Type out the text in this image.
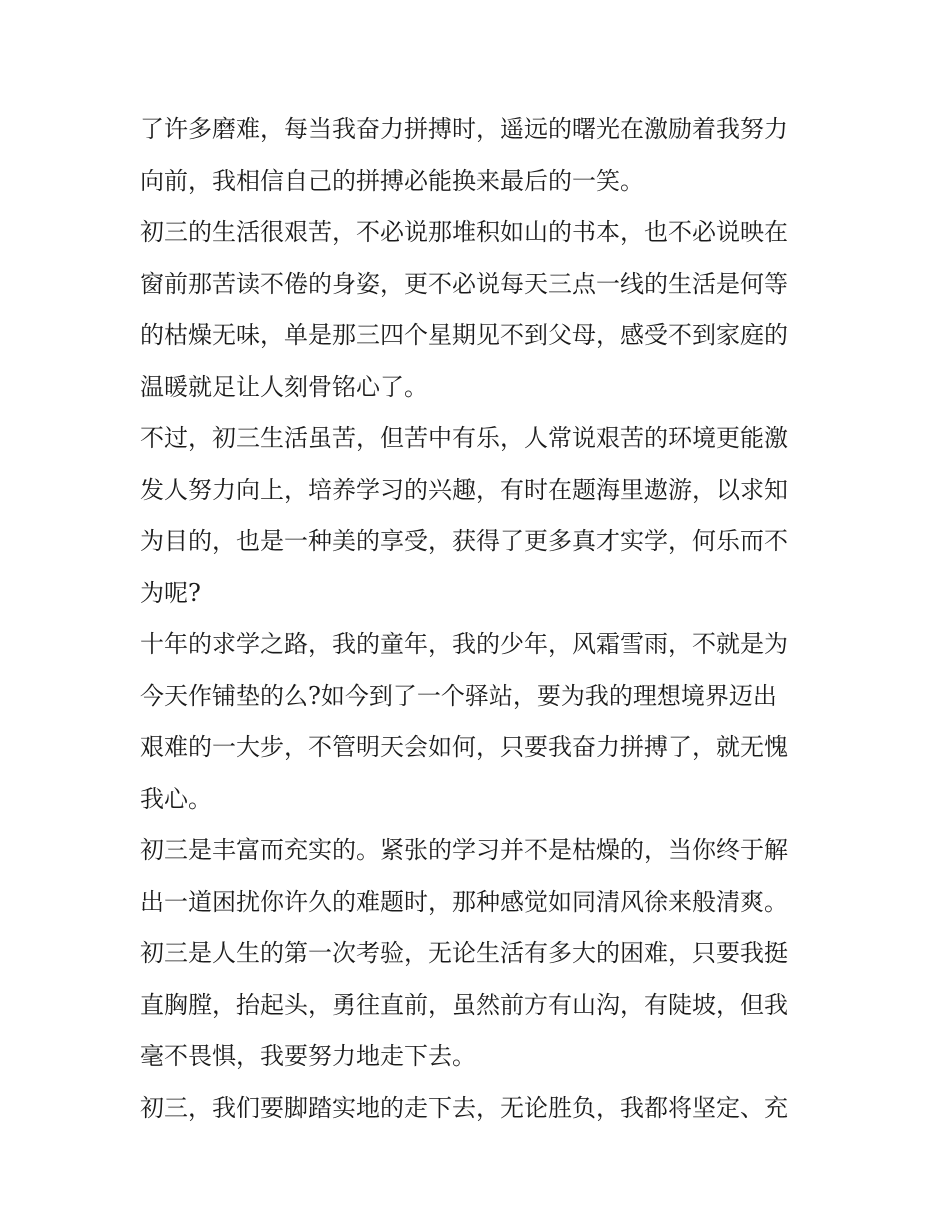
了许多磨难，每当我奋力拼搏时，遥远的曙光在激励着我努力
向前，我相信自己的拼搏必能换来最后的一笑。
初三的生活很艰苦，不必说那堆积如山的书本，也不必说映在
窗前那苦读不倦的身姿，更不必说每天三点一线的生活是何等
的枯燥无味，单是那三四个星期见不到父母，感受不到家庭的
温暖就足让人刻骨铭心了。
不过，初三生活虽苦，但苦中有乐，人常说艰苦的环境更能激
发人努力向上，培养学习的兴趣，有时在题海里遨游，以求知
为目的，也是一种美的享受，获得了更多真才实学，何乐而不
为呢?
十年的求学之路，我的童年，我的少年，风霜雪雨，不就是为
今天作铺垫的么?如今到了一个驿站，要为我的理想境界迈出
艰难的一大步，不管明天会如何，只要我奋力拼搏了，就无愧
我心。
初三是丰富而充实的。紧张的学习并不是枯燥的，当你终于解
出一道困扰你许久的难题时，那种感觉如同清风徐来般清爽。
初三是人生的第一次考验，无论生活有多大的困难，只要我挺
直胸膛，抬起头，勇往直前，虽然前方有山沟，有陡坡，但我
毫不畏惧，我要努力地走下去。
初三，我们要脚踏实地的走下去，无论胜负，我都将坚定、充
